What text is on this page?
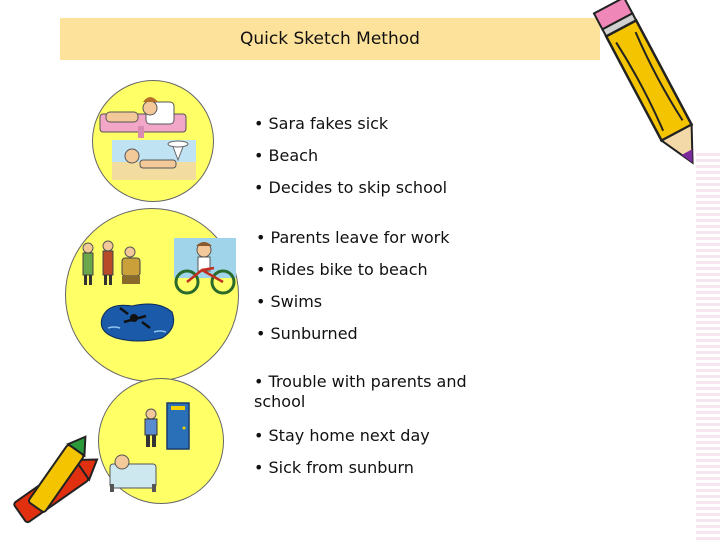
Quick Sketch Method
• Sara fakes sick
• Beach
• Decides to skip school
• Parents leave for work
• Rides bike to beach
• Swims
• Sunburned
• Trouble with parents and school
• Stay home next day
• Sick from sunburn
